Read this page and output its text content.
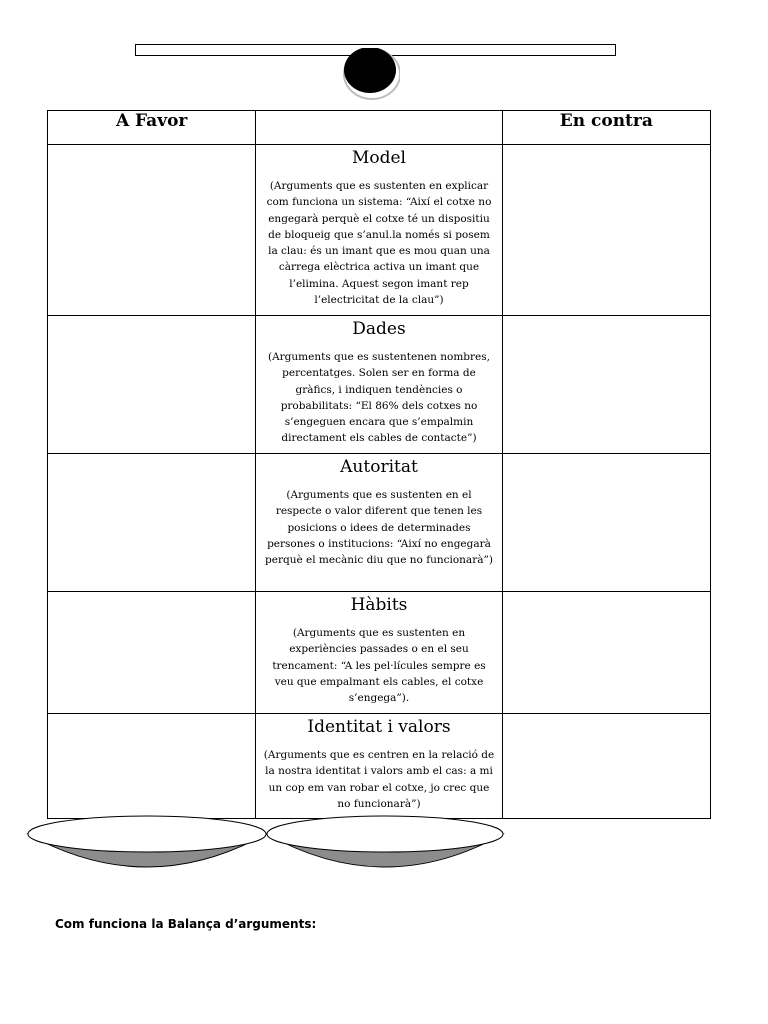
A Favor		En contra

	Model
(Arguments que es sustenten en explicar com funciona un sistema: “Així el cotxe no engegarà perquè el cotxe té un dispositiu de bloqueig que s’anul.la només si posem la clau: és un imant que es mou quan una càrrega elèctrica activa un imant que l’elimina. Aquest segon imant rep l’electricitat de la clau”)	

	Dades
(Arguments que es sustentenen nombres, percentatges. Solen ser en forma de gràfics, i indiquen tendències o probabilitats: “El 86% dels cotxes no s’engeguen encara que s’empalmin directament els cables de contacte”)	

	Autoritat
(Arguments que es sustenten en el respecte o valor diferent que tenen les posicions o idees de determinades persones o institucions: “Així no engegarà perquè el mecànic diu que no funcionarà”)	

	Hàbits
(Arguments que es sustenten en experiències passades o en el seu trencament: “A les pel·lícules sempre es veu que empalmant els cables, el cotxe s’engega”).	

	Identitat i valors
(Arguments que es centren en la relació de la nostra identitat i valors amb el cas: a mi un cop em van robar el cotxe, jo crec que no funcionarà”)	

Com funciona la Balança d’arguments:
